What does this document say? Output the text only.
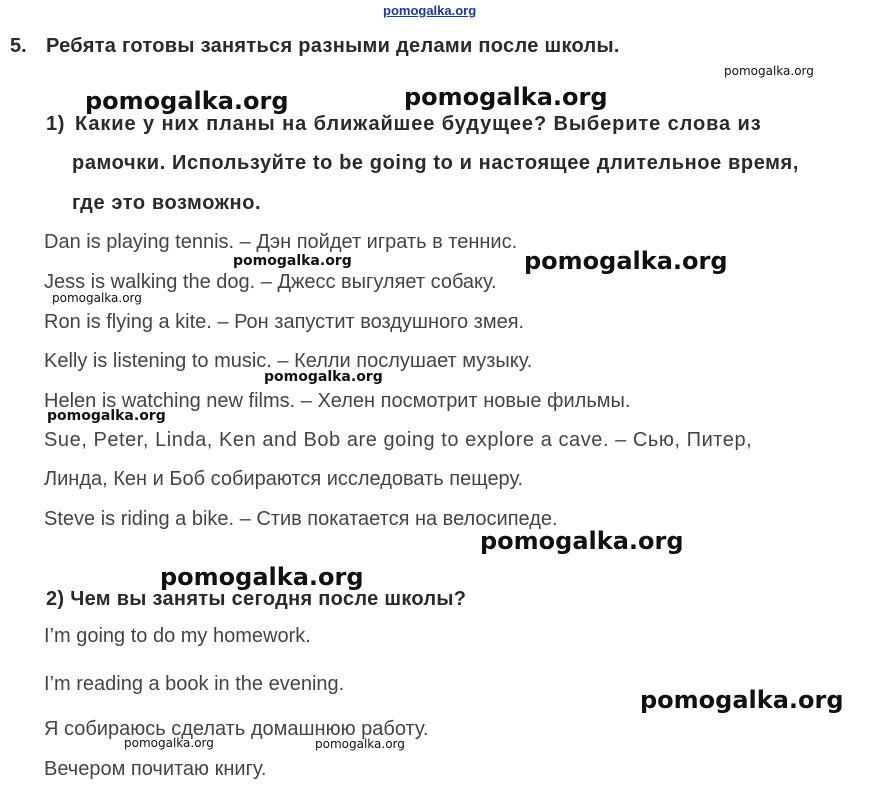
pomogalka.org
5. Ребята готовы заняться разными делами после школы.
pomogalka.org
pomogalka.org	pomogalka.org
1) Какие у них планы на ближайшее будущее? Выберите слова из
рамочки. Используйте to be going to и настоящее длительное время,
где это возможно.
Dan is playing tennis. – Дэн пойдет играть в теннис.
Jess is walking the dog. – Джесс выгуляет собаку.
Ron is flying a kite. – Рон запустит воздушного змея.
Kelly is listening to music. – Келли послушает музыку.
Helen is watching new films. – Хелен посмотрит новые фильмы.
Sue, Peter, Linda, Ken and Bob are going to explore a cave. – Сью, Питер,
Линда, Кен и Боб собираются исследовать пещеру.
Steve is riding a bike. – Стив покатается на велосипеде.
pomogalka.org	pomogalka.org
pomogalka.org
pomogalka.org
pomogalka.org
pomogalka.org
pomogalka.org
2) Чем вы заняты сегодня после школы?
I’m going to do my homework.
I’m reading a book in the evening.
Я собираюсь сделать домашнюю работу.
Вечером почитаю книгу.
pomogalka.org
pomogalka.org	pomogalka.org
